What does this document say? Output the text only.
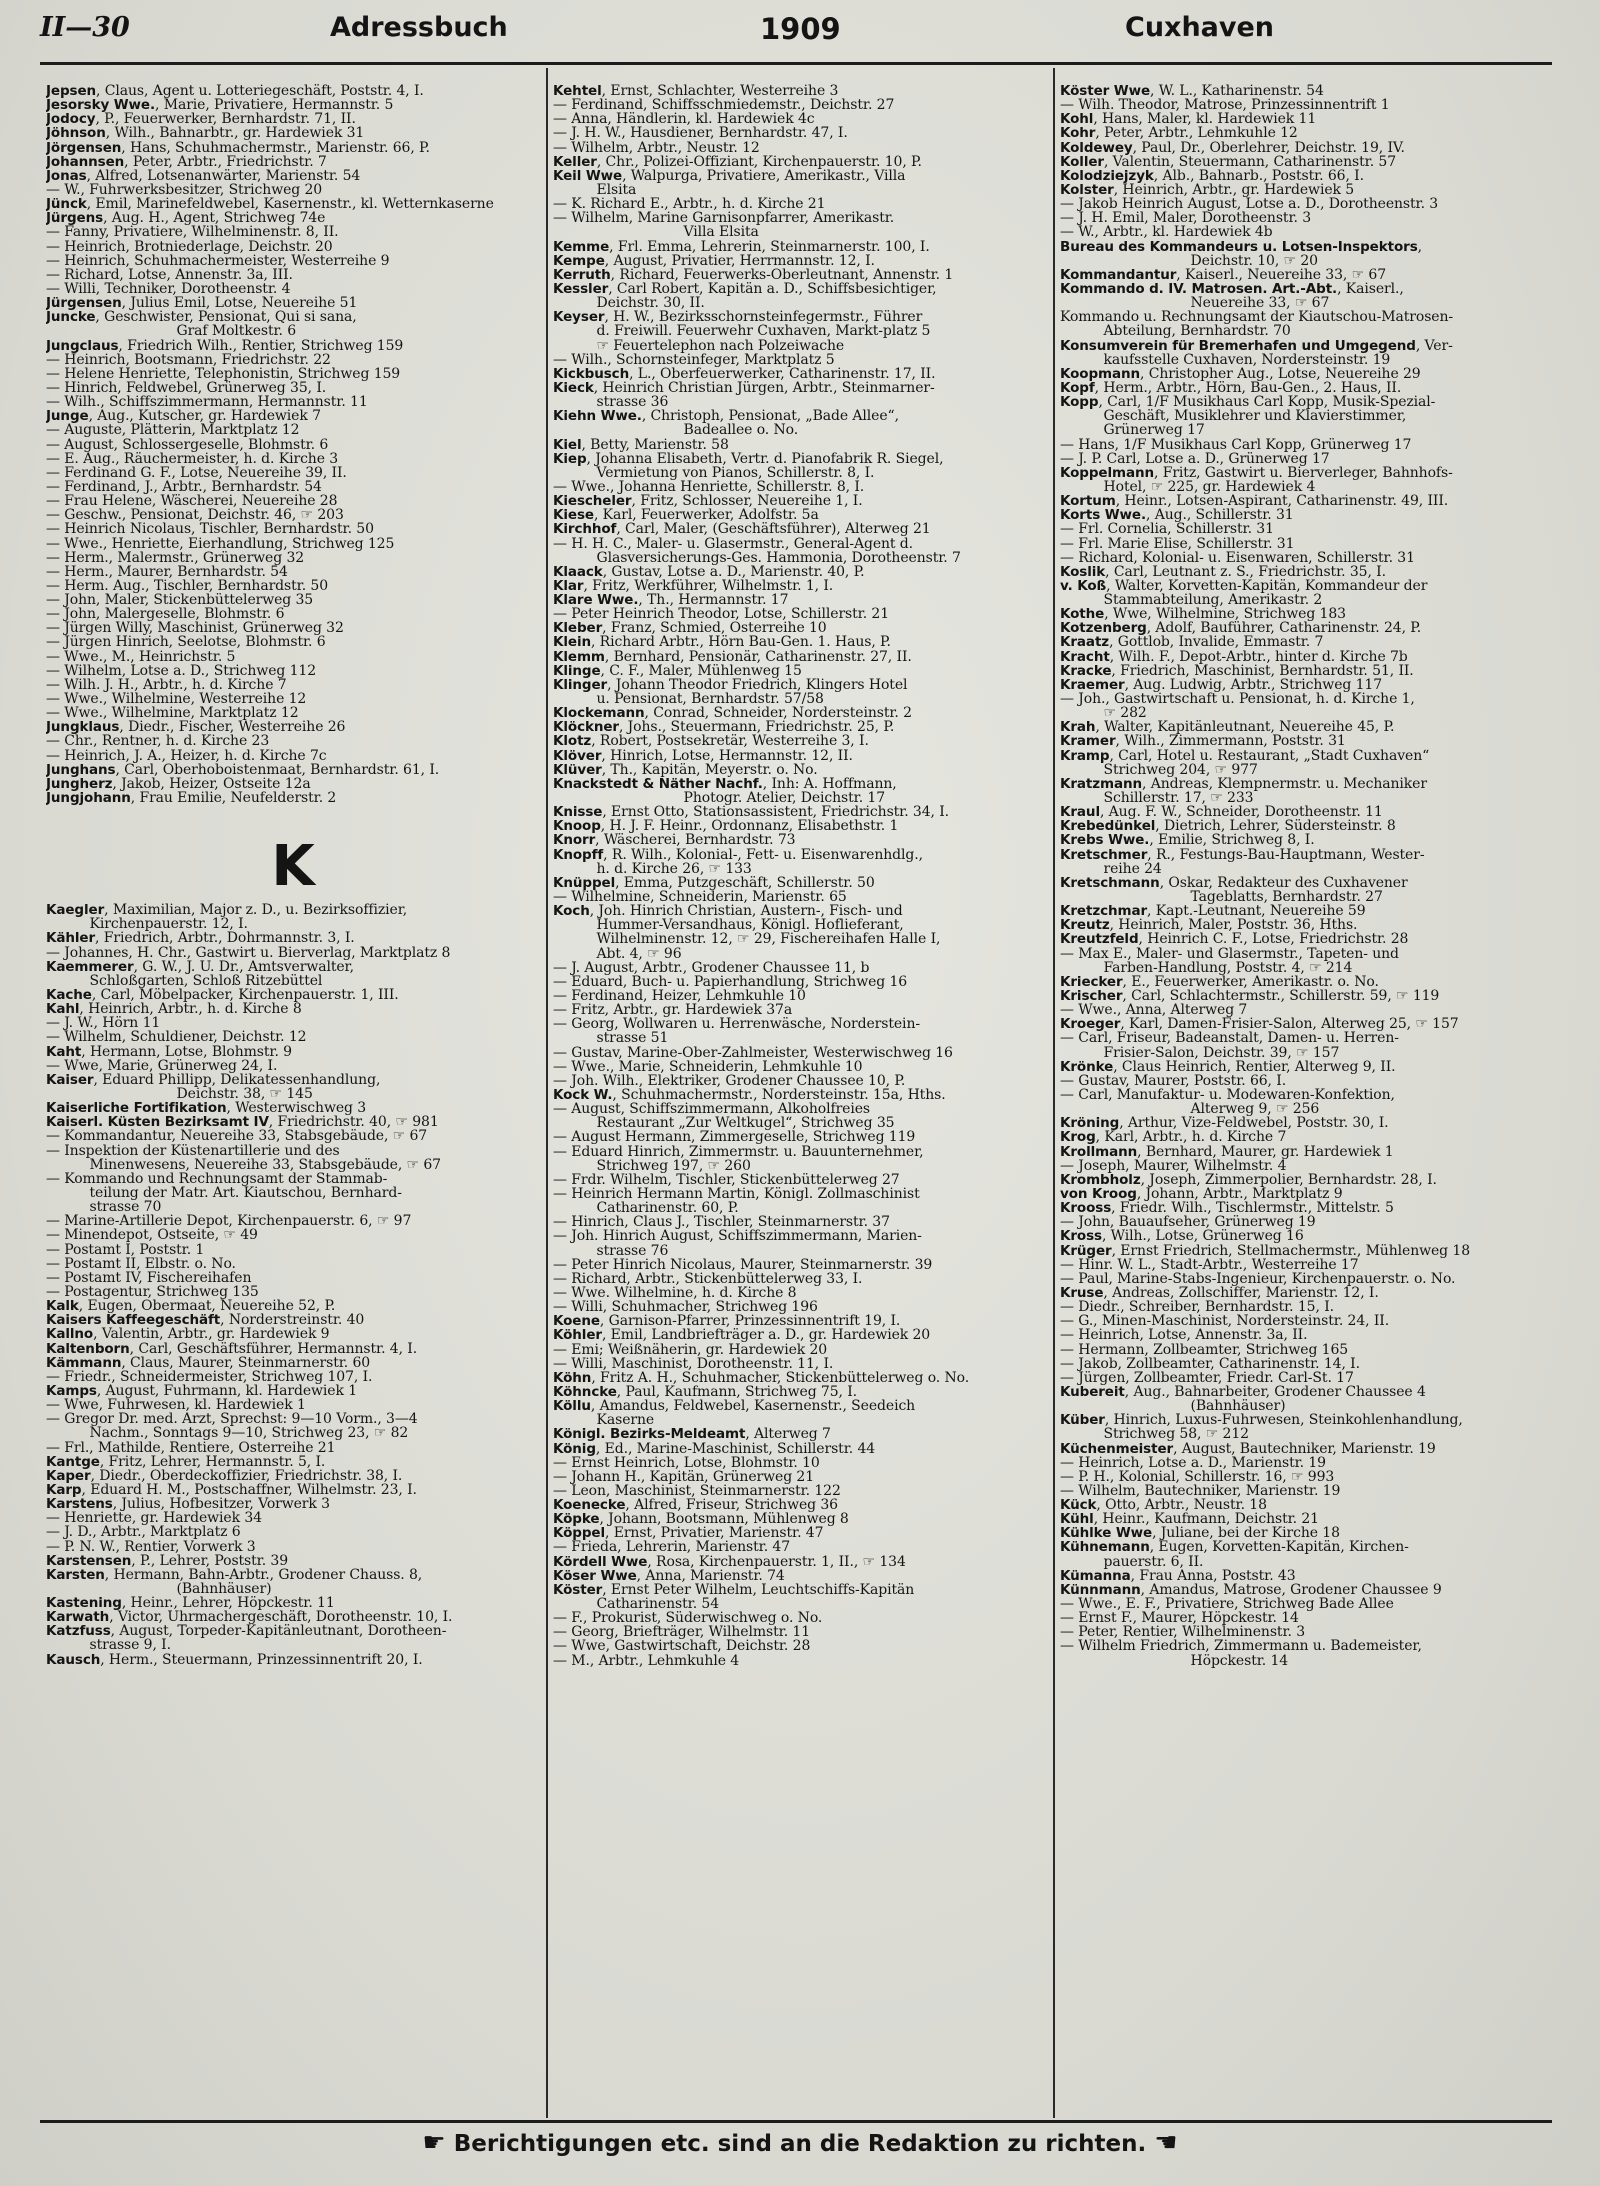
II—30	Adressbuch	1909	Cuxhaven
Jepsen, Claus, Agent u. Lotteriegeschäft, Poststr. 4, I.
Jesorsky Wwe., Marie, Privatiere, Hermannstr. 5
Jodocy, P., Feuerwerker, Bernhardstr. 71, II.
Jöhnson, Wilh., Bahnarbtr., gr. Hardewiek 31
Jörgensen, Hans, Schuhmachermstr., Marienstr. 66, P.
Johannsen, Peter, Arbtr., Friedrichstr. 7
Jonas, Alfred, Lotsenanwärter, Marienstr. 54
— W., Fuhrwerksbesitzer, Strichweg 20
Jünck, Emil, Marinefeldwebel, Kasernenstr., kl. Wetternkaserne
Jürgens, Aug. H., Agent, Strichweg 74e
— Fanny, Privatiere, Wilhelminenstr. 8, II.
— Heinrich, Brotniederlage, Deichstr. 20
— Heinrich, Schuhmachermeister, Westerreihe 9
— Richard, Lotse, Annenstr. 3a, III.
— Willi, Techniker, Dorotheenstr. 4
Jürgensen, Julius Emil, Lotse, Neuereihe 51
Juncke, Geschwister, Pensionat, Qui si sana,
Graf Moltkestr. 6
Jungclaus, Friedrich Wilh., Rentier, Strichweg 159
— Heinrich, Bootsmann, Friedrichstr. 22
— Helene Henriette, Telephonistin, Strichweg 159
— Hinrich, Feldwebel, Grünerweg 35, I.
— Wilh., Schiffszimmermann, Hermannstr. 11
Junge, Aug., Kutscher, gr. Hardewiek 7
— Auguste, Plätterin, Marktplatz 12
— August, Schlossergeselle, Blohmstr. 6
— E. Aug., Räuchermeister, h. d. Kirche 3
— Ferdinand G. F., Lotse, Neuereihe 39, II.
— Ferdinand, J., Arbtr., Bernhardstr. 54
— Frau Helene, Wäscherei, Neuereihe 28
— Geschw., Pensionat, Deichstr. 46, ☞ 203
— Heinrich Nicolaus, Tischler, Bernhardstr. 50
— Wwe., Henriette, Eierhandlung, Strichweg 125
— Herm., Malermstr., Grünerweg 32
— Herm., Maurer, Bernhardstr. 54
— Herm. Aug., Tischler, Bernhardstr. 50
— John, Maler, Stickenbüttelerweg 35
— John, Malergeselle, Blohmstr. 6
— Jürgen Willy, Maschinist, Grünerweg 32
— Jürgen Hinrich, Seelotse, Blohmstr. 6
— Wwe., M., Heinrichstr. 5
— Wilhelm, Lotse a. D., Strichweg 112
— Wilh. J. H., Arbtr., h. d. Kirche 7
— Wwe., Wilhelmine, Westerreihe 12
— Wwe., Wilhelmine, Marktplatz 12
Jungklaus, Diedr., Fischer, Westerreihe 26
— Chr., Rentner, h. d. Kirche 23
— Heinrich, J. A., Heizer, h. d. Kirche 7c
Junghans, Carl, Oberhoboistenmaat, Bernhardstr. 61, I.
Jungherz, Jakob, Heizer, Ostseite 12a
Jungjohann, Frau Emilie, Neufelderstr. 2
K
Kaegler, Maximilian, Major z. D., u. Bezirksoffizier,
Kirchenpauerstr. 12, I.
Kähler, Friedrich, Arbtr., Dohrmannstr. 3, I.
— Johannes, H. Chr., Gastwirt u. Bierverlag, Marktplatz 8
Kaemmerer, G. W., J. U. Dr., Amtsverwalter,
Schloßgarten, Schloß Ritzebüttel
Kache, Carl, Möbelpacker, Kirchenpauerstr. 1, III.
Kahl, Heinrich, Arbtr., h. d. Kirche 8
— J. W., Hörn 11
— Wilhelm, Schuldiener, Deichstr. 12
Kaht, Hermann, Lotse, Blohmstr. 9
— Wwe, Marie, Grünerweg 24, I.
Kaiser, Eduard Phillipp, Delikatessenhandlung,
Deichstr. 38, ☞ 145
Kaiserliche Fortifikation, Westerwischweg 3
Kaiserl. Küsten Bezirksamt IV, Friedrichstr. 40, ☞ 981
— Kommandantur, Neuereihe 33, Stabsgebäude, ☞ 67
— Inspektion der Küstenartillerie und des
Minenwesens, Neuereihe 33, Stabsgebäude, ☞ 67
— Kommando und Rechnungsamt der Stammab-
teilung der Matr. Art. Kiautschou, Bernhard-
strasse 70
— Marine-Artillerie Depot, Kirchenpauerstr. 6, ☞ 97
— Minendepot, Ostseite, ☞ 49
— Postamt I, Poststr. 1
— Postamt II, Elbstr. o. No.
— Postamt IV, Fischereihafen
— Postagentur, Strichweg 135
Kalk, Eugen, Obermaat, Neuereihe 52, P.
Kaisers Kaffeegeschäft, Norderstreinstr. 40
Kallno, Valentin, Arbtr., gr. Hardewiek 9
Kaltenborn, Carl, Geschäftsführer, Hermannstr. 4, I.
Kämmann, Claus, Maurer, Steinmarnerstr. 60
— Friedr., Schneidermeister, Strichweg 107, I.
Kamps, August, Fuhrmann, kl. Hardewiek 1
— Wwe, Fuhrwesen, kl. Hardewiek 1
— Gregor Dr. med. Arzt, Sprechst: 9—10 Vorm., 3—4
Nachm., Sonntags 9—10, Strichweg 23, ☞ 82
— Frl., Mathilde, Rentiere, Osterreihe 21
Kantge, Fritz, Lehrer, Hermannstr. 5, I.
Kaper, Diedr., Oberdeckoffizier, Friedrichstr. 38, I.
Karp, Eduard H. M., Postschaffner, Wilhelmstr. 23, I.
Karstens, Julius, Hofbesitzer, Vorwerk 3
— Henriette, gr. Hardewiek 34
— J. D., Arbtr., Marktplatz 6
— P. N. W., Rentier, Vorwerk 3
Karstensen, P., Lehrer, Poststr. 39
Karsten, Hermann, Bahn-Arbtr., Grodener Chauss. 8,
(Bahnhäuser)
Kastening, Heinr., Lehrer, Höpckestr. 11
Karwath, Victor, Uhrmachergeschäft, Dorotheenstr. 10, I.
Katzfuss, August, Torpeder-Kapitänleutnant, Dorotheen-
strasse 9, I.
Kausch, Herm., Steuermann, Prinzessinnentrift 20, I.
Kehtel, Ernst, Schlachter, Westerreihe 3
— Ferdinand, Schiffsschmiedemstr., Deichstr. 27
— Anna, Händlerin, kl. Hardewiek 4c
— J. H. W., Hausdiener, Bernhardstr. 47, I.
— Wilhelm, Arbtr., Neustr. 12
Keller, Chr., Polizei-Offiziant, Kirchenpauerstr. 10, P.
Keil Wwe, Walpurga, Privatiere, Amerikastr., Villa
Elsita
— K. Richard E., Arbtr., h. d. Kirche 21
— Wilhelm, Marine Garnisonpfarrer, Amerikastr.
Villa Elsita
Kemme, Frl. Emma, Lehrerin, Steinmarnerstr. 100, I.
Kempe, August, Privatier, Herrmannstr. 12, I.
Kerruth, Richard, Feuerwerks-Oberleutnant, Annenstr. 1
Kessler, Carl Robert, Kapitän a. D., Schiffsbesichtiger,
Deichstr. 30, II.
Keyser, H. W., Bezirksschornsteinfegermstr., Führer
d. Freiwill. Feuerwehr Cuxhaven, Markt-platz 5
☞ Feuertelephon nach Polzeiwache
— Wilh., Schornsteinfeger, Marktplatz 5
Kickbusch, L., Oberfeuerwerker, Catharinenstr. 17, II.
Kieck, Heinrich Christian Jürgen, Arbtr., Steinmarner-
strasse 36
Kiehn Wwe., Christoph, Pensionat, „Bade Allee“,
Badeallee o. No.
Kiel, Betty, Marienstr. 58
Kiep, Johanna Elisabeth, Vertr. d. Pianofabrik R. Siegel,
Vermietung von Pianos, Schillerstr. 8, I.
— Wwe., Johanna Henriette, Schillerstr. 8, I.
Kiescheler, Fritz, Schlosser, Neuereihe 1, I.
Kiese, Karl, Feuerwerker, Adolfstr. 5a
Kirchhof, Carl, Maler, (Geschäftsführer), Alterweg 21
— H. H. C., Maler- u. Glasermstr., General-Agent d.
Glasversicherungs-Ges. Hammonia, Dorotheenstr. 7
Klaack, Gustav, Lotse a. D., Marienstr. 40, P.
Klar, Fritz, Werkführer, Wilhelmstr. 1, I.
Klare Wwe., Th., Hermannstr. 17
— Peter Heinrich Theodor, Lotse, Schillerstr. 21
Kleber, Franz, Schmied, Osterreihe 10
Klein, Richard Arbtr., Hörn Bau-Gen. 1. Haus, P.
Klemm, Bernhard, Pensionär, Catharinenstr. 27, II.
Klinge, C. F., Maler, Mühlenweg 15
Klinger, Johann Theodor Friedrich, Klingers Hotel
u. Pensionat, Bernhardstr. 57/58
Klockemann, Conrad, Schneider, Nordersteinstr. 2
Klöckner, Johs., Steuermann, Friedrichstr. 25, P.
Klotz, Robert, Postsekretär, Westerreihe 3, I.
Klöver, Hinrich, Lotse, Hermannstr. 12, II.
Klüver, Th., Kapitän, Meyerstr. o. No.
Knackstedt & Näther Nachf., Inh: A. Hoffmann,
Photogr. Atelier, Deichstr. 17
Knisse, Ernst Otto, Stationsassistent, Friedrichstr. 34, I.
Knoop, H. J. F. Heinr., Ordonnanz, Elisabethstr. 1
Knorr, Wäscherei, Bernhardstr. 73
Knopff, R. Wilh., Kolonial-, Fett- u. Eisenwarenhdlg.,
h. d. Kirche 26, ☞ 133
Knüppel, Emma, Putzgeschäft, Schillerstr. 50
— Wilhelmine, Schneiderin, Marienstr. 65
Koch, Joh. Hinrich Christian, Austern-, Fisch- und
Hummer-Versandhaus, Königl. Hoflieferant,
Wilhelminenstr. 12, ☞ 29, Fischereihafen Halle I,
Abt. 4, ☞ 96
— J. August, Arbtr., Grodener Chaussee 11, b
— Eduard, Buch- u. Papierhandlung, Strichweg 16
— Ferdinand, Heizer, Lehmkuhle 10
— Fritz, Arbtr., gr. Hardewiek 37a
— Georg, Wollwaren u. Herrenwäsche, Norderstein-
strasse 51
— Gustav, Marine-Ober-Zahlmeister, Westerwischweg 16
— Wwe., Marie, Schneiderin, Lehmkuhle 10
— Joh. Wilh., Elektriker, Grodener Chaussee 10, P.
Kock W., Schuhmachermstr., Nordersteinstr. 15a, Hths.
— August, Schiffszimmermann, Alkoholfreies
Restaurant „Zur Weltkugel“, Strichweg 35
— August Hermann, Zimmergeselle, Strichweg 119
— Eduard Hinrich, Zimmermstr. u. Bauunternehmer,
Strichweg 197, ☞ 260
— Frdr. Wilhelm, Tischler, Stickenbüttelerweg 27
— Heinrich Hermann Martin, Königl. Zollmaschinist
Catharinenstr. 60, P.
— Hinrich, Claus J., Tischler, Steinmarnerstr. 37
— Joh. Hinrich August, Schiffszimmermann, Marien-
strasse 76
— Peter Hinrich Nicolaus, Maurer, Steinmarnerstr. 39
— Richard, Arbtr., Stickenbüttelerweg 33, I.
— Wwe. Wilhelmine, h. d. Kirche 8
— Willi, Schuhmacher, Strichweg 196
Koene, Garnison-Pfarrer, Prinzessinnentrift 19, I.
Köhler, Emil, Landbriefträger a. D., gr. Hardewiek 20
— Emi; Weißnäherin, gr. Hardewiek 20
— Willi, Maschinist, Dorotheenstr. 11, I.
Köhn, Fritz A. H., Schuhmacher, Stickenbüttelerweg o. No.
Köhncke, Paul, Kaufmann, Strichweg 75, I.
Köllu, Amandus, Feldwebel, Kasernenstr., Seedeich
Kaserne
Königl. Bezirks-Meldeamt, Alterweg 7
König, Ed., Marine-Maschinist, Schillerstr. 44
— Ernst Heinrich, Lotse, Blohmstr. 10
— Johann H., Kapitän, Grünerweg 21
— Leon, Maschinist, Steinmarnerstr. 122
Koenecke, Alfred, Friseur, Strichweg 36
Köpke, Johann, Bootsmann, Mühlenweg 8
Köppel, Ernst, Privatier, Marienstr. 47
— Frieda, Lehrerin, Marienstr. 47
Kördell Wwe, Rosa, Kirchenpauerstr. 1, II., ☞ 134
Köser Wwe, Anna, Marienstr. 74
Köster, Ernst Peter Wilhelm, Leuchtschiffs-Kapitän
Catharinenstr. 54
— F., Prokurist, Süderwischweg o. No.
— Georg, Briefträger, Wilhelmstr. 11
— Wwe, Gastwirtschaft, Deichstr. 28
— M., Arbtr., Lehmkuhle 4
Köster Wwe, W. L., Katharinenstr. 54
— Wilh. Theodor, Matrose, Prinzessinnentrift 1
Kohl, Hans, Maler, kl. Hardewiek 11
Kohr, Peter, Arbtr., Lehmkuhle 12
Koldewey, Paul, Dr., Oberlehrer, Deichstr. 19, IV.
Koller, Valentin, Steuermann, Catharinenstr. 57
Kolodziejzyk, Alb., Bahnarb., Poststr. 66, I.
Kolster, Heinrich, Arbtr., gr. Hardewiek 5
— Jakob Heinrich August, Lotse a. D., Dorotheenstr. 3
— J. H. Emil, Maler, Dorotheenstr. 3
— W., Arbtr., kl. Hardewiek 4b
Bureau des Kommandeurs u. Lotsen-Inspektors,
Deichstr. 10, ☞ 20
Kommandantur, Kaiserl., Neuereihe 33, ☞ 67
Kommando d. IV. Matrosen. Art.-Abt., Kaiserl.,
Neuereihe 33, ☞ 67
Kommando u. Rechnungsamt der Kiautschou-Matrosen-
Abteilung, Bernhardstr. 70
Konsumverein für Bremerhafen und Umgegend, Ver-
kaufsstelle Cuxhaven, Nordersteinstr. 19
Koopmann, Christopher Aug., Lotse, Neuereihe 29
Kopf, Herm., Arbtr., Hörn, Bau-Gen., 2. Haus, II.
Kopp, Carl, 1/F Musikhaus Carl Kopp, Musik-Spezial-
Geschäft, Musiklehrer und Klavierstimmer,
Grünerweg 17
— Hans, 1/F Musikhaus Carl Kopp, Grünerweg 17
— J. P. Carl, Lotse a. D., Grünerweg 17
Koppelmann, Fritz, Gastwirt u. Bierverleger, Bahnhofs-
Hotel, ☞ 225, gr. Hardewiek 4
Kortum, Heinr., Lotsen-Aspirant, Catharinenstr. 49, III.
Korts Wwe., Aug., Schillerstr. 31
— Frl. Cornelia, Schillerstr. 31
— Frl. Marie Elise, Schillerstr. 31
— Richard, Kolonial- u. Eisenwaren, Schillerstr. 31
Koslik, Carl, Leutnant z. S., Friedrichstr. 35, I.
v. Koß, Walter, Korvetten-Kapitän, Kommandeur der
Stammabteilung, Amerikastr. 2
Kothe, Wwe, Wilhelmine, Strichweg 183
Kotzenberg, Adolf, Bauführer, Catharinenstr. 24, P.
Kraatz, Gottlob, Invalide, Emmastr. 7
Kracht, Wilh. F., Depot-Arbtr., hinter d. Kirche 7b
Kracke, Friedrich, Maschinist, Bernhardstr. 51, II.
Kraemer, Aug. Ludwig, Arbtr., Strichweg 117
— Joh., Gastwirtschaft u. Pensionat, h. d. Kirche 1,
☞ 282
Krah, Walter, Kapitänleutnant, Neuereihe 45, P.
Kramer, Wilh., Zimmermann, Poststr. 31
Kramp, Carl, Hotel u. Restaurant, „Stadt Cuxhaven“
Strichweg 204, ☞ 977
Kratzmann, Andreas, Klempnermstr. u. Mechaniker
Schillerstr. 17, ☞ 233
Kraul, Aug. F. W., Schneider, Dorotheenstr. 11
Krebedünkel, Dietrich, Lehrer, Südersteinstr. 8
Krebs Wwe., Emilie, Strichweg 8, I.
Kretschmer, R., Festungs-Bau-Hauptmann, Wester-
reihe 24
Kretschmann, Oskar, Redakteur des Cuxhavener
Tageblatts, Bernhardstr. 27
Kretzchmar, Kapt.-Leutnant, Neuereihe 59
Kreutz, Heinrich, Maler, Poststr. 36, Hths.
Kreutzfeld, Heinrich C. F., Lotse, Friedrichstr. 28
— Max E., Maler- und Glasermstr., Tapeten- und
Farben-Handlung, Poststr. 4, ☞ 214
Kriecker, E., Feuerwerker, Amerikastr. o. No.
Krischer, Carl, Schlachtermstr., Schillerstr. 59, ☞ 119
— Wwe., Anna, Alterweg 7
Kroeger, Karl, Damen-Frisier-Salon, Alterweg 25, ☞ 157
— Carl, Friseur, Badeanstalt, Damen- u. Herren-
Frisier-Salon, Deichstr. 39, ☞ 157
Krönke, Claus Heinrich, Rentier, Alterweg 9, II.
— Gustav, Maurer, Poststr. 66, I.
— Carl, Manufaktur- u. Modewaren-Konfektion,
Alterweg 9, ☞ 256
Kröning, Arthur, Vize-Feldwebel, Poststr. 30, I.
Krog, Karl, Arbtr., h. d. Kirche 7
Krollmann, Bernhard, Maurer, gr. Hardewiek 1
— Joseph, Maurer, Wilhelmstr. 4
Krombholz, Joseph, Zimmerpolier, Bernhardstr. 28, I.
von Kroog, Johann, Arbtr., Marktplatz 9
Krooss, Friedr. Wilh., Tischlermstr., Mittelstr. 5
— John, Bauaufseher, Grünerweg 19
Kross, Wilh., Lotse, Grünerweg 16
Krüger, Ernst Friedrich, Stellmachermstr., Mühlenweg 18
— Hinr. W. L., Stadt-Arbtr., Westerreihe 17
— Paul, Marine-Stabs-Ingenieur, Kirchenpauerstr. o. No.
Kruse, Andreas, Zollschiffer, Marienstr. 12, I.
— Diedr., Schreiber, Bernhardstr. 15, I.
— G., Minen-Maschinist, Nordersteinstr. 24, II.
— Heinrich, Lotse, Annenstr. 3a, II.
— Hermann, Zollbeamter, Strichweg 165
— Jakob, Zollbeamter, Catharinenstr. 14, I.
— Jürgen, Zollbeamter, Friedr. Carl-St. 17
Kubereit, Aug., Bahnarbeiter, Grodener Chaussee 4
(Bahnhäuser)
Küber, Hinrich, Luxus-Fuhrwesen, Steinkohlenhandlung,
Strichweg 58, ☞ 212
Küchenmeister, August, Bautechniker, Marienstr. 19
— Heinrich, Lotse a. D., Marienstr. 19
— P. H., Kolonial, Schillerstr. 16, ☞ 993
— Wilhelm, Bautechniker, Marienstr. 19
Kück, Otto, Arbtr., Neustr. 18
Kühl, Heinr., Kaufmann, Deichstr. 21
Kühlke Wwe, Juliane, bei der Kirche 18
Kühnemann, Eugen, Korvetten-Kapitän, Kirchen-
pauerstr. 6, II.
Kümanna, Frau Anna, Poststr. 43
Künnmann, Amandus, Matrose, Grodener Chaussee 9
— Wwe., E. F., Privatiere, Strichweg Bade Allee
— Ernst F., Maurer, Höpckestr. 14
— Peter, Rentier, Wilhelminenstr. 3
— Wilhelm Friedrich, Zimmermann u. Bademeister,
Höpckestr. 14
☛ Berichtigungen etc. sind an die Redaktion zu richten. ☚
